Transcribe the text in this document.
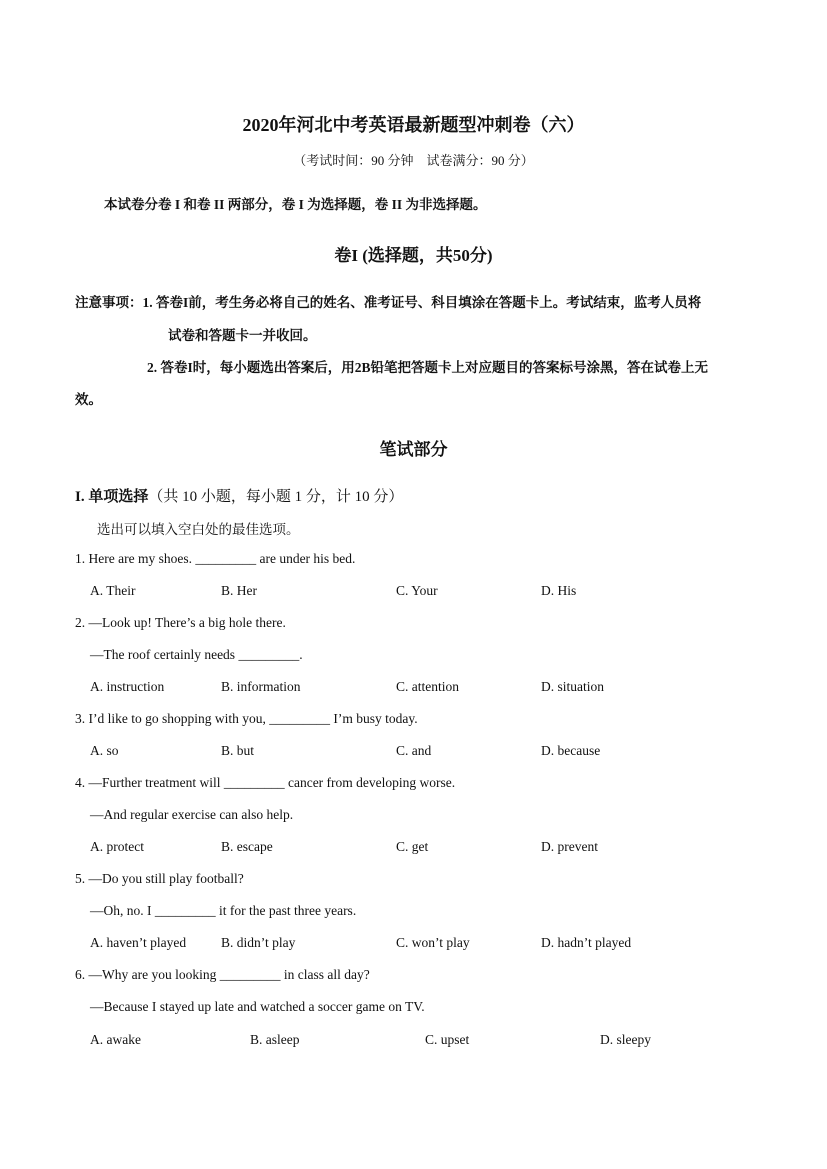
2020年河北中考英语最新题型冲刺卷（六）
（考试时间：90 分钟　试卷满分：90 分）
本试卷分卷 I 和卷 II 两部分，卷 I 为选择题，卷 II 为非选择题。
卷I (选择题，共50分)
注意事项：1. 答卷I前，考生务必将自己的姓名、准考证号、科目填涂在答题卡上。考试结束，监考人员将
试卷和答题卡一并收回。
2. 答卷I时，每小题选出答案后，用2B铅笔把答题卡上对应题目的答案标号涂黑，答在试卷上无
效。
笔试部分
I. 单项选择（共 10 小题，每小题 1 分，计 10 分）
选出可以填入空白处的最佳选项。
1. Here are my shoes. _________ are under his bed.
A. Their	B. Her	C. Your	D. His
2. —Look up! There’s a big hole there.
—The roof certainly needs _________.
A. instruction	B. information	C. attention	D. situation
3. I’d like to go shopping with you, _________ I’m busy today.
A. so	B. but	C. and	D. because
4. —Further treatment will _________ cancer from developing worse.
—And regular exercise can also help.
A. protect	B. escape	C. get	D. prevent
5. —Do you still play football?
—Oh, no. I _________ it for the past three years.
A. haven’t played	B. didn’t play	C. won’t play	D. hadn’t played
6. —Why are you looking _________ in class all day?
—Because I stayed up late and watched a soccer game on TV.
A. awake	B. asleep	C. upset	D. sleepy
